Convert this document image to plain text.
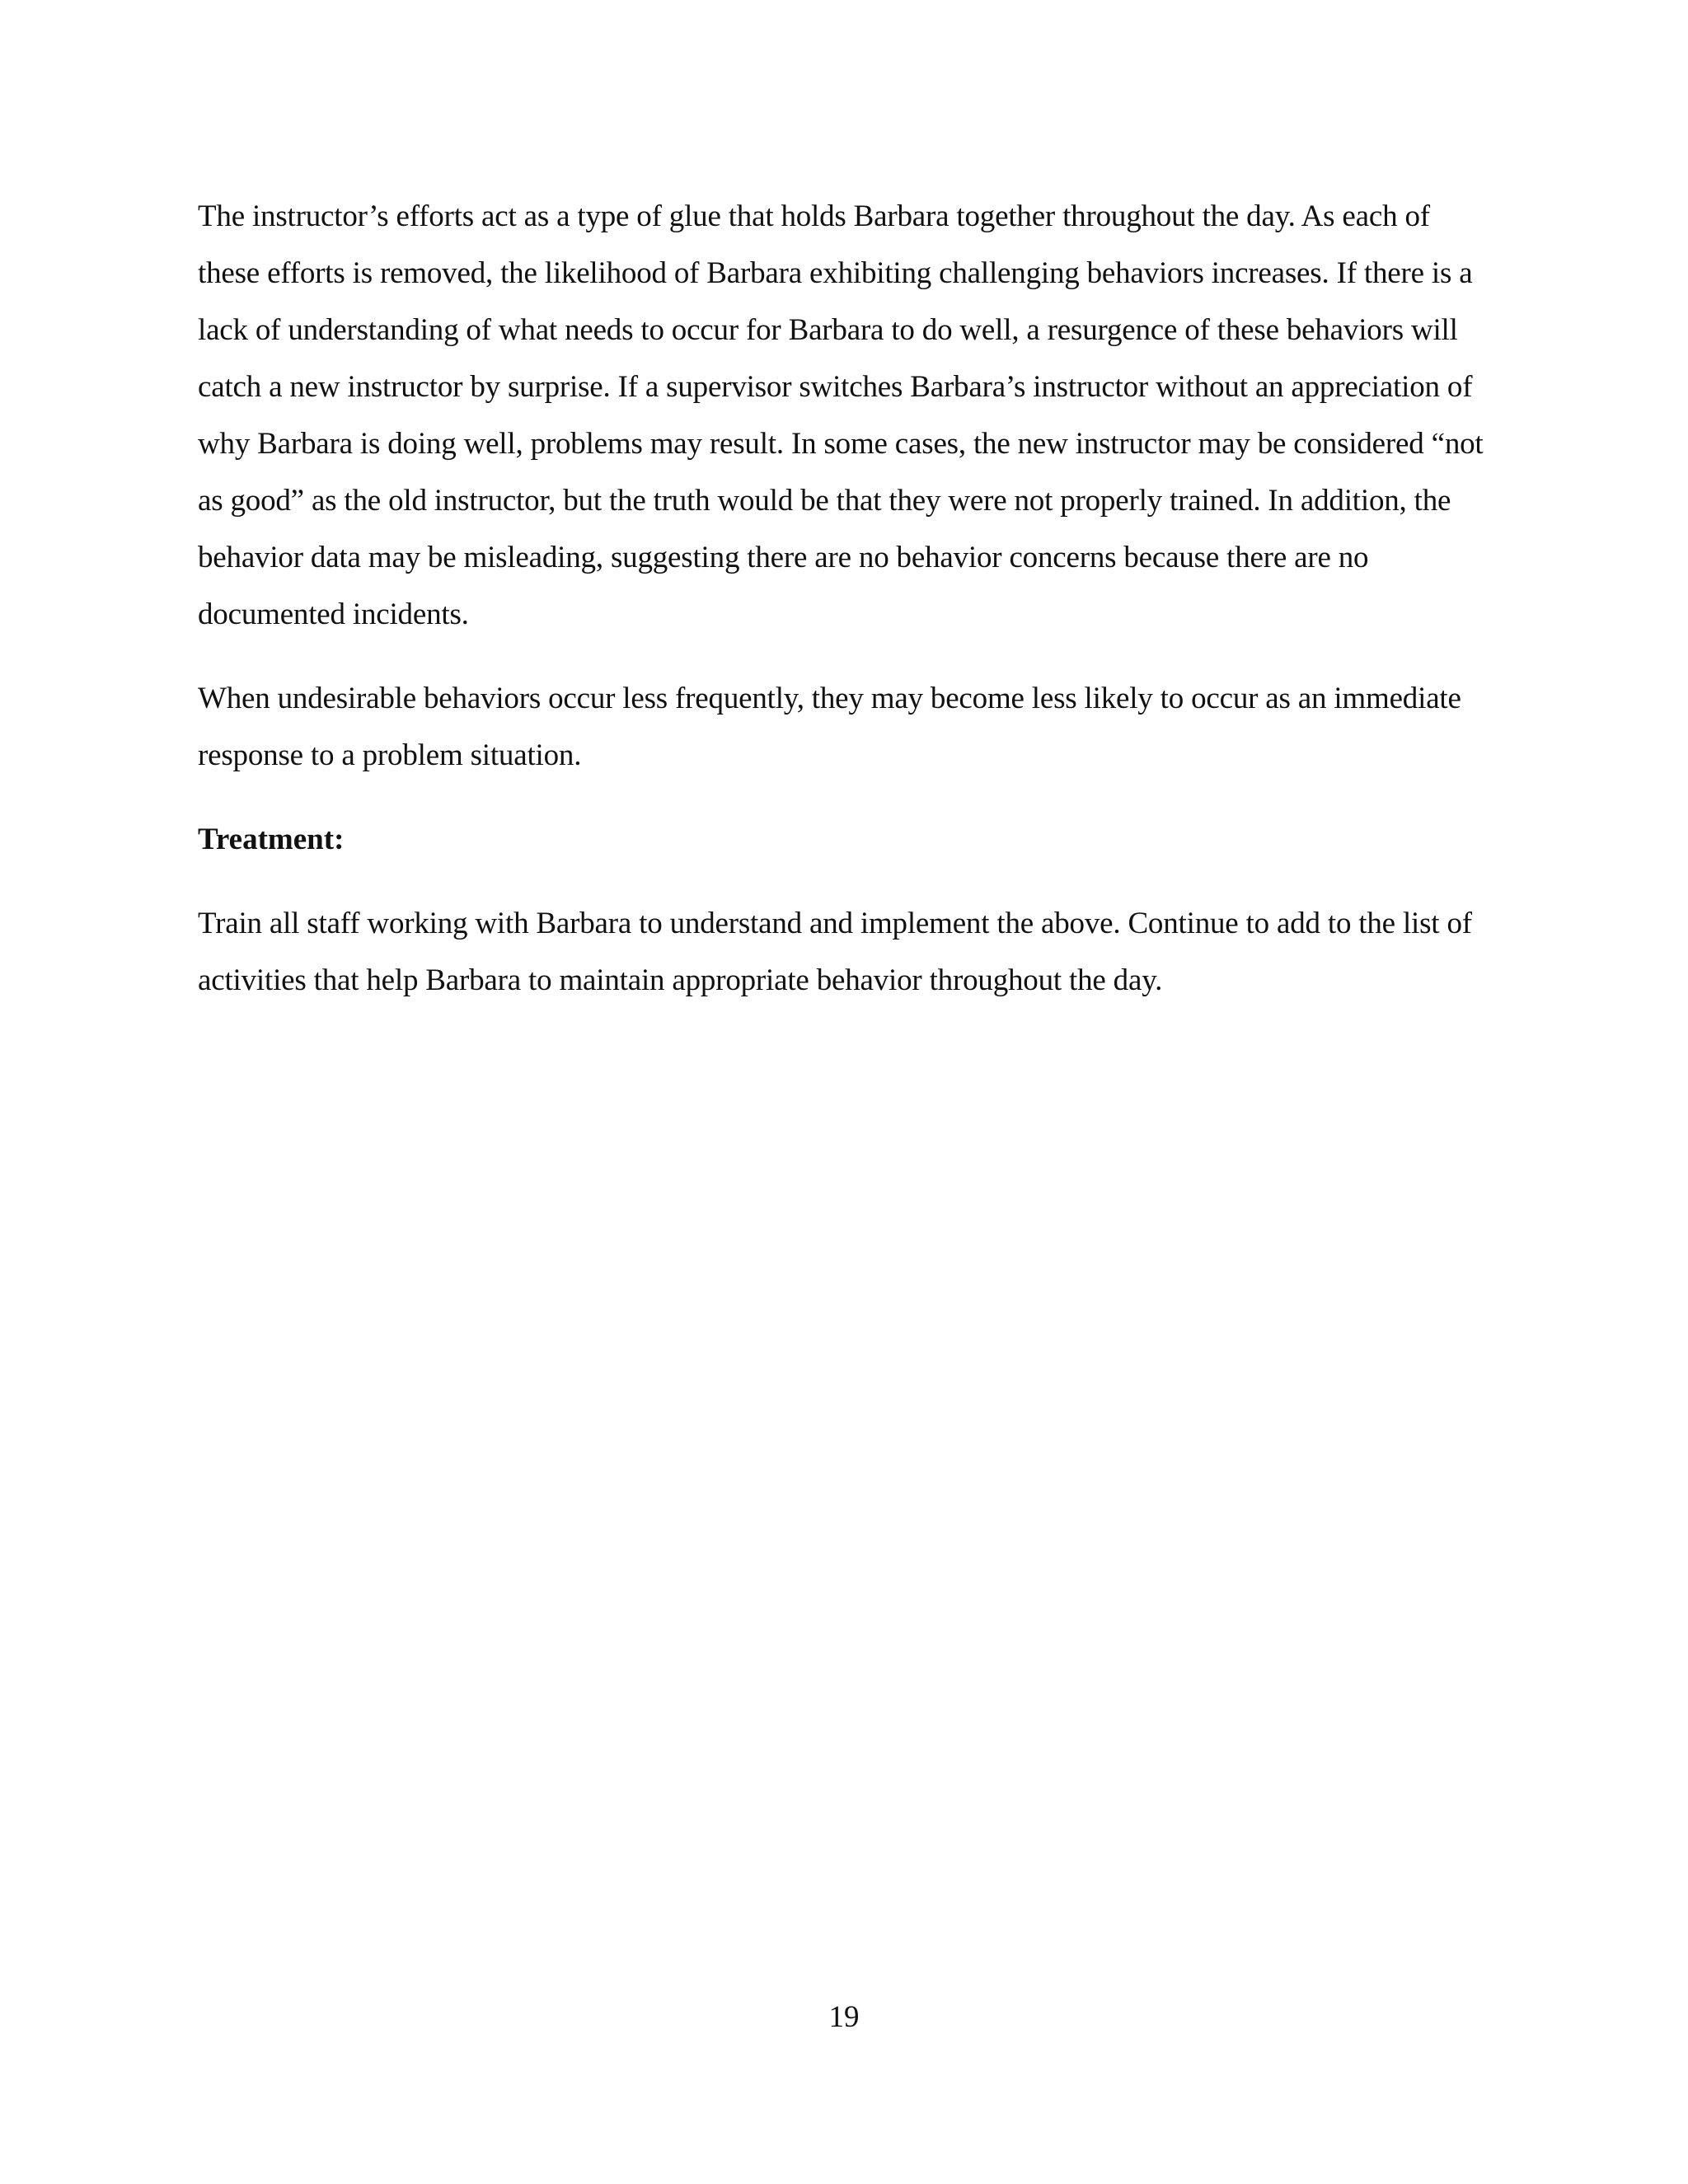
The instructor’s efforts act as a type of glue that holds Barbara together throughout the day. As each of these efforts is removed, the likelihood of Barbara exhibiting challenging behaviors increases. If there is a lack of understanding of what needs to occur for Barbara to do well, a resurgence of these behaviors will catch a new instructor by surprise. If a supervisor switches Barbara’s instructor without an appreciation of why Barbara is doing well, problems may result. In some cases, the new instructor may be considered “not as good” as the old instructor, but the truth would be that they were not properly trained. In addition, the behavior data may be misleading, suggesting there are no behavior concerns because there are no documented incidents.

When undesirable behaviors occur less frequently, they may become less likely to occur as an immediate response to a problem situation.

Treatment:

Train all staff working with Barbara to understand and implement the above. Continue to add to the list of activities that help Barbara to maintain appropriate behavior throughout the day.

19
